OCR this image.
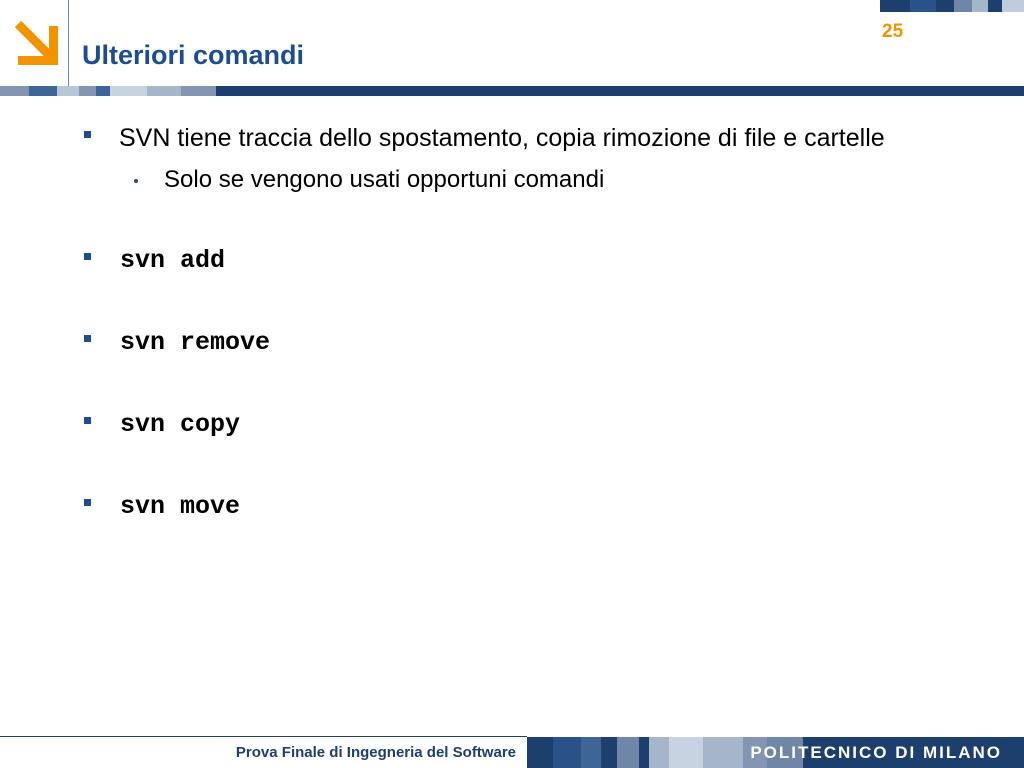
Ulteriori comandi
25
SVN tiene traccia dello spostamento, copia rimozione di file e cartelle
Solo se vengono usati opportuni comandi
svn add
svn remove
svn copy
svn move
Prova Finale di Ingegneria del Software	POLITECNICO DI MILANO
